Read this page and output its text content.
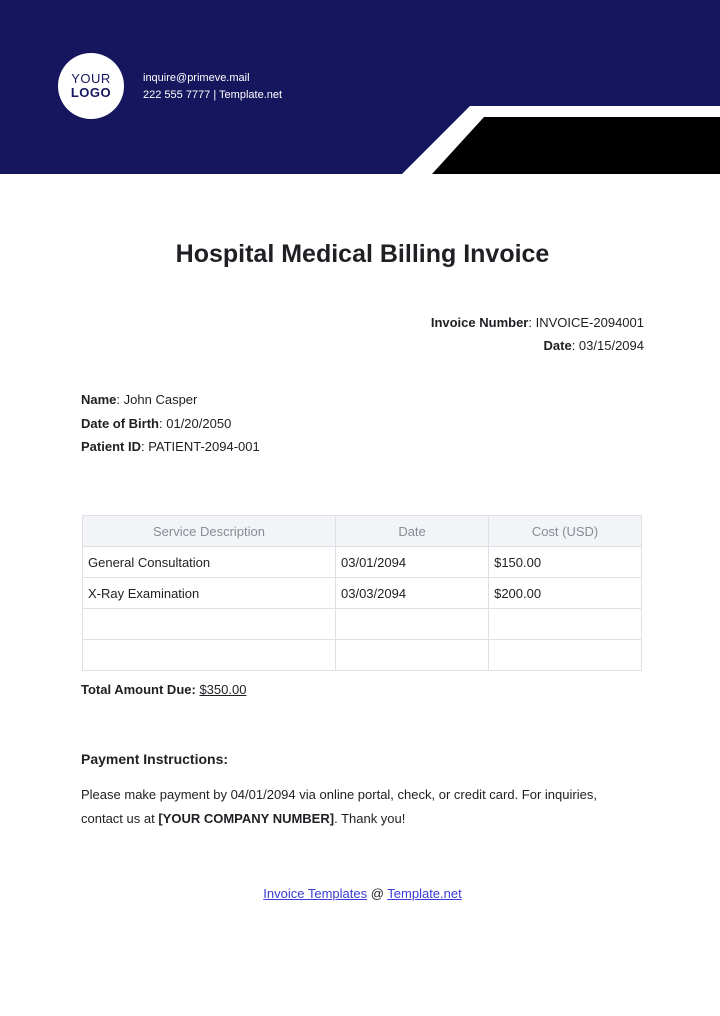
YOUR
LOGO
inquire@primeve.mail
222 555 7777 | Template.net
Hospital Medical Billing Invoice
Invoice Number: INVOICE-2094001
Date: 03/15/2094
Name: John Casper
Date of Birth: 01/20/2050
Patient ID: PATIENT-2094-001
Service Description	Date	Cost (USD)
General Consultation	03/01/2094	$150.00
X-Ray Examination	03/03/2094	$200.00

Total Amount Due: $350.00
Payment Instructions:
Please make payment by 04/01/2094 via online portal, check, or credit card. For inquiries, contact us at [YOUR COMPANY NUMBER]. Thank you!
Invoice Templates @ Template.net
